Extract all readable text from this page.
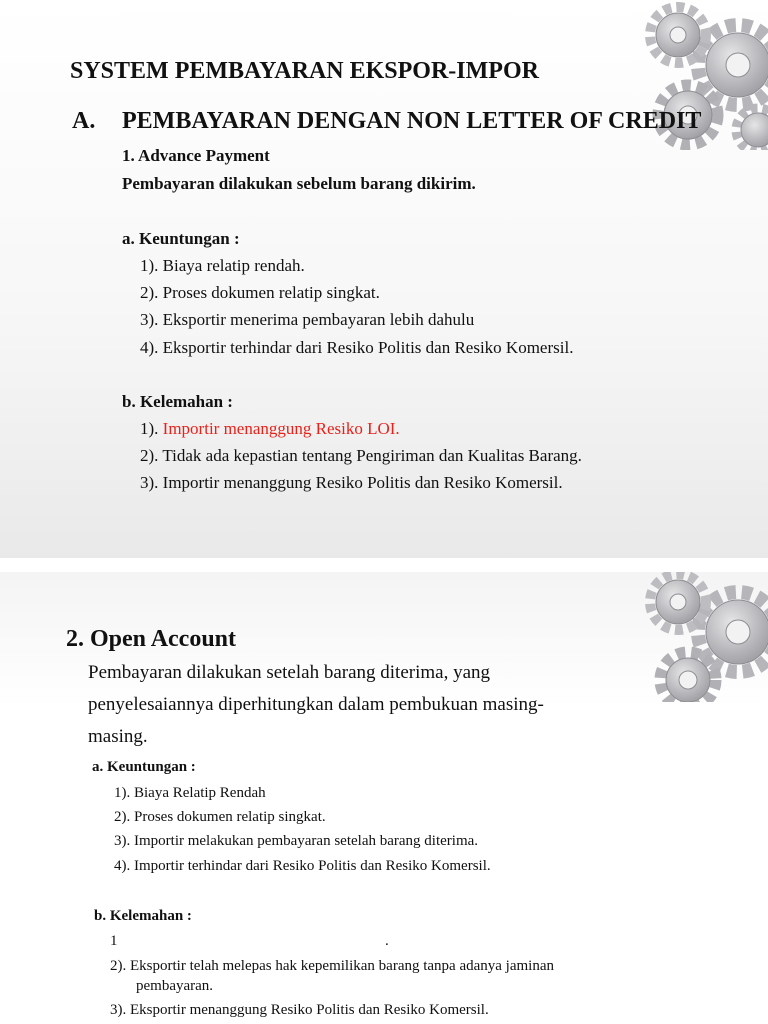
SYSTEM PEMBAYARAN EKSPOR-IMPOR
A. PEMBAYARAN DENGAN NON LETTER OF CREDIT
1. Advance Payment
Pembayaran dilakukan sebelum barang dikirim.
a. Keuntungan :
1). Biaya relatip rendah.
2). Proses dokumen relatip singkat.
3). Eksportir menerima pembayaran lebih dahulu
4). Eksportir terhindar dari Resiko Politis dan Resiko Komersil.
b. Kelemahan :
1). Importir menanggung Resiko LOI.
2). Tidak ada kepastian tentang Pengiriman dan Kualitas Barang.
3). Importir menanggung Resiko Politis dan Resiko Komersil.
2. Open Account
Pembayaran dilakukan setelah barang diterima, yang
penyelesaiannya diperhitungkan dalam pembukuan masing-
masing.
a. Keuntungan :
1). Biaya Relatip Rendah
2). Proses dokumen relatip singkat.
3). Importir melakukan pembayaran setelah barang diterima.
4). Importir terhindar dari Resiko Politis dan Resiko Komersil.
b. Kelemahan :
1	.
2). Eksportir telah melepas hak kepemilikan barang tanpa adanya jaminan
pembayaran.
3). Eksportir menanggung Resiko Politis dan Resiko Komersil.
